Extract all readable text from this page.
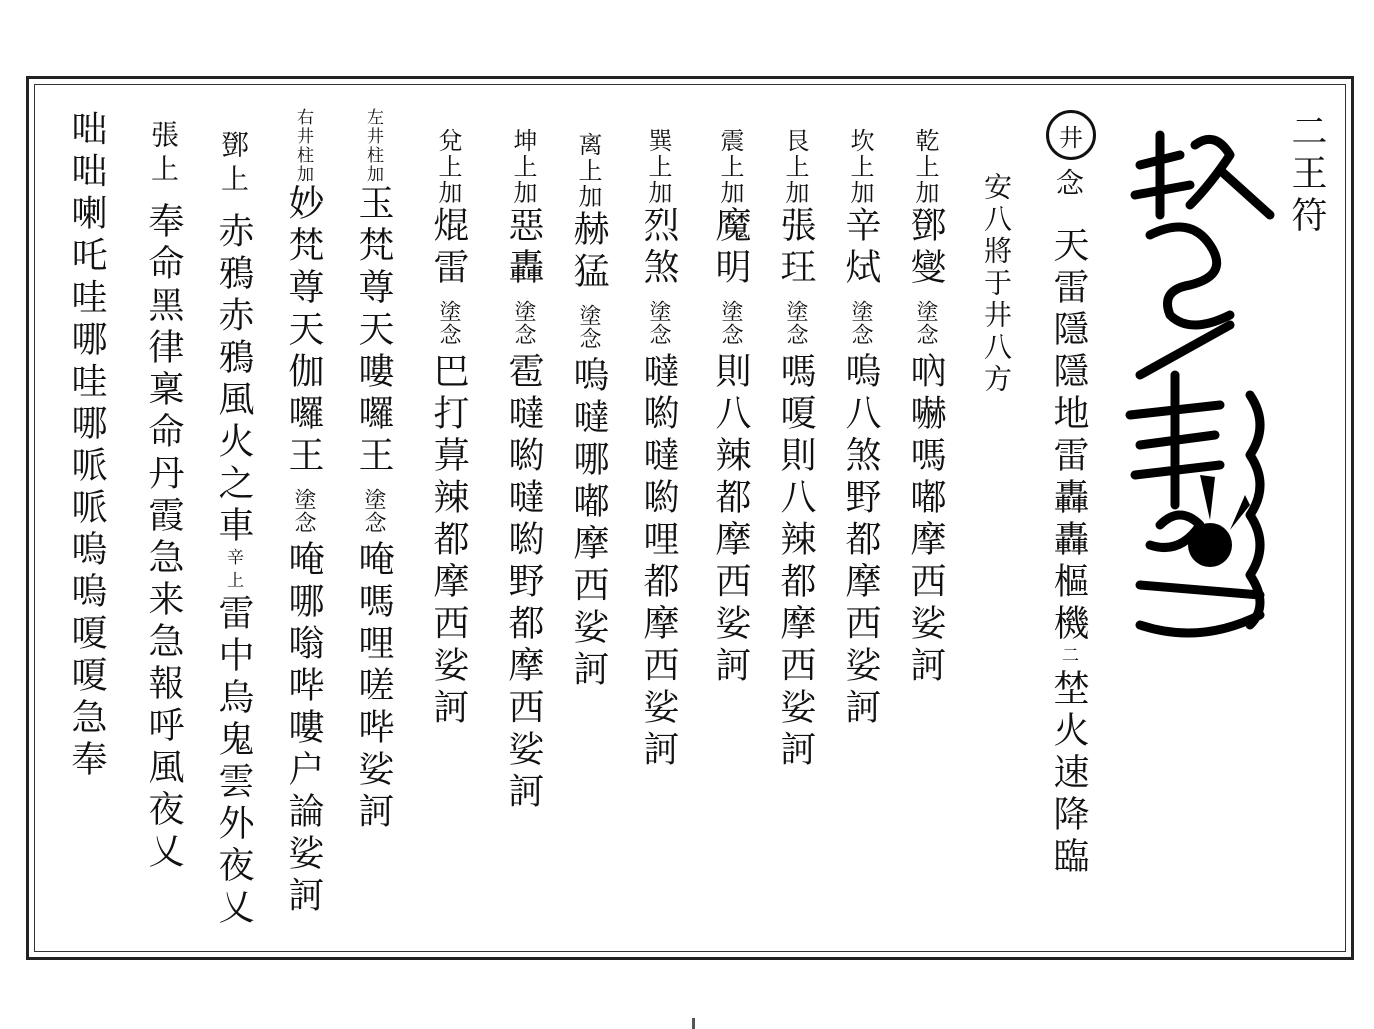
二王符
井
念天雷隱隱地雷轟轟樞機二埜火速降臨
安八將于井八方
乾上加鄧燮塗念吶嚇嗎嘟摩西娑訶
坎上加辛烒塗念嗚八煞野都摩西娑訶
艮上加張玨塗念嗎嗄則八辣都摩西娑訶
震上加魔明塗念則八辣都摩西娑訶
巽上加烈煞塗念噠喲噠喲哩都摩西娑訶
离上加赫猛塗念嗚噠哪嘟摩西娑訶
坤上加惡轟塗念雹噠喲噠喲野都摩西娑訶
兌上加焜雷塗念巴打萛辣都摩西娑訶
左井柱加玉梵尊天嘍囉王塗念唵嗎哩嗟哔娑訶
右井柱加妙梵尊天伽囉王塗念唵哪嗡哔嘍户論娑訶
鄧上赤鴉赤鴉風火之車辛上雷中烏鬼雲外夜乂
張上奉命黑律稟命丹霞急来急報呼風夜乂
咄咄喇吒哇哪哇哪哌哌嗚嗚嗄嗄急奉
